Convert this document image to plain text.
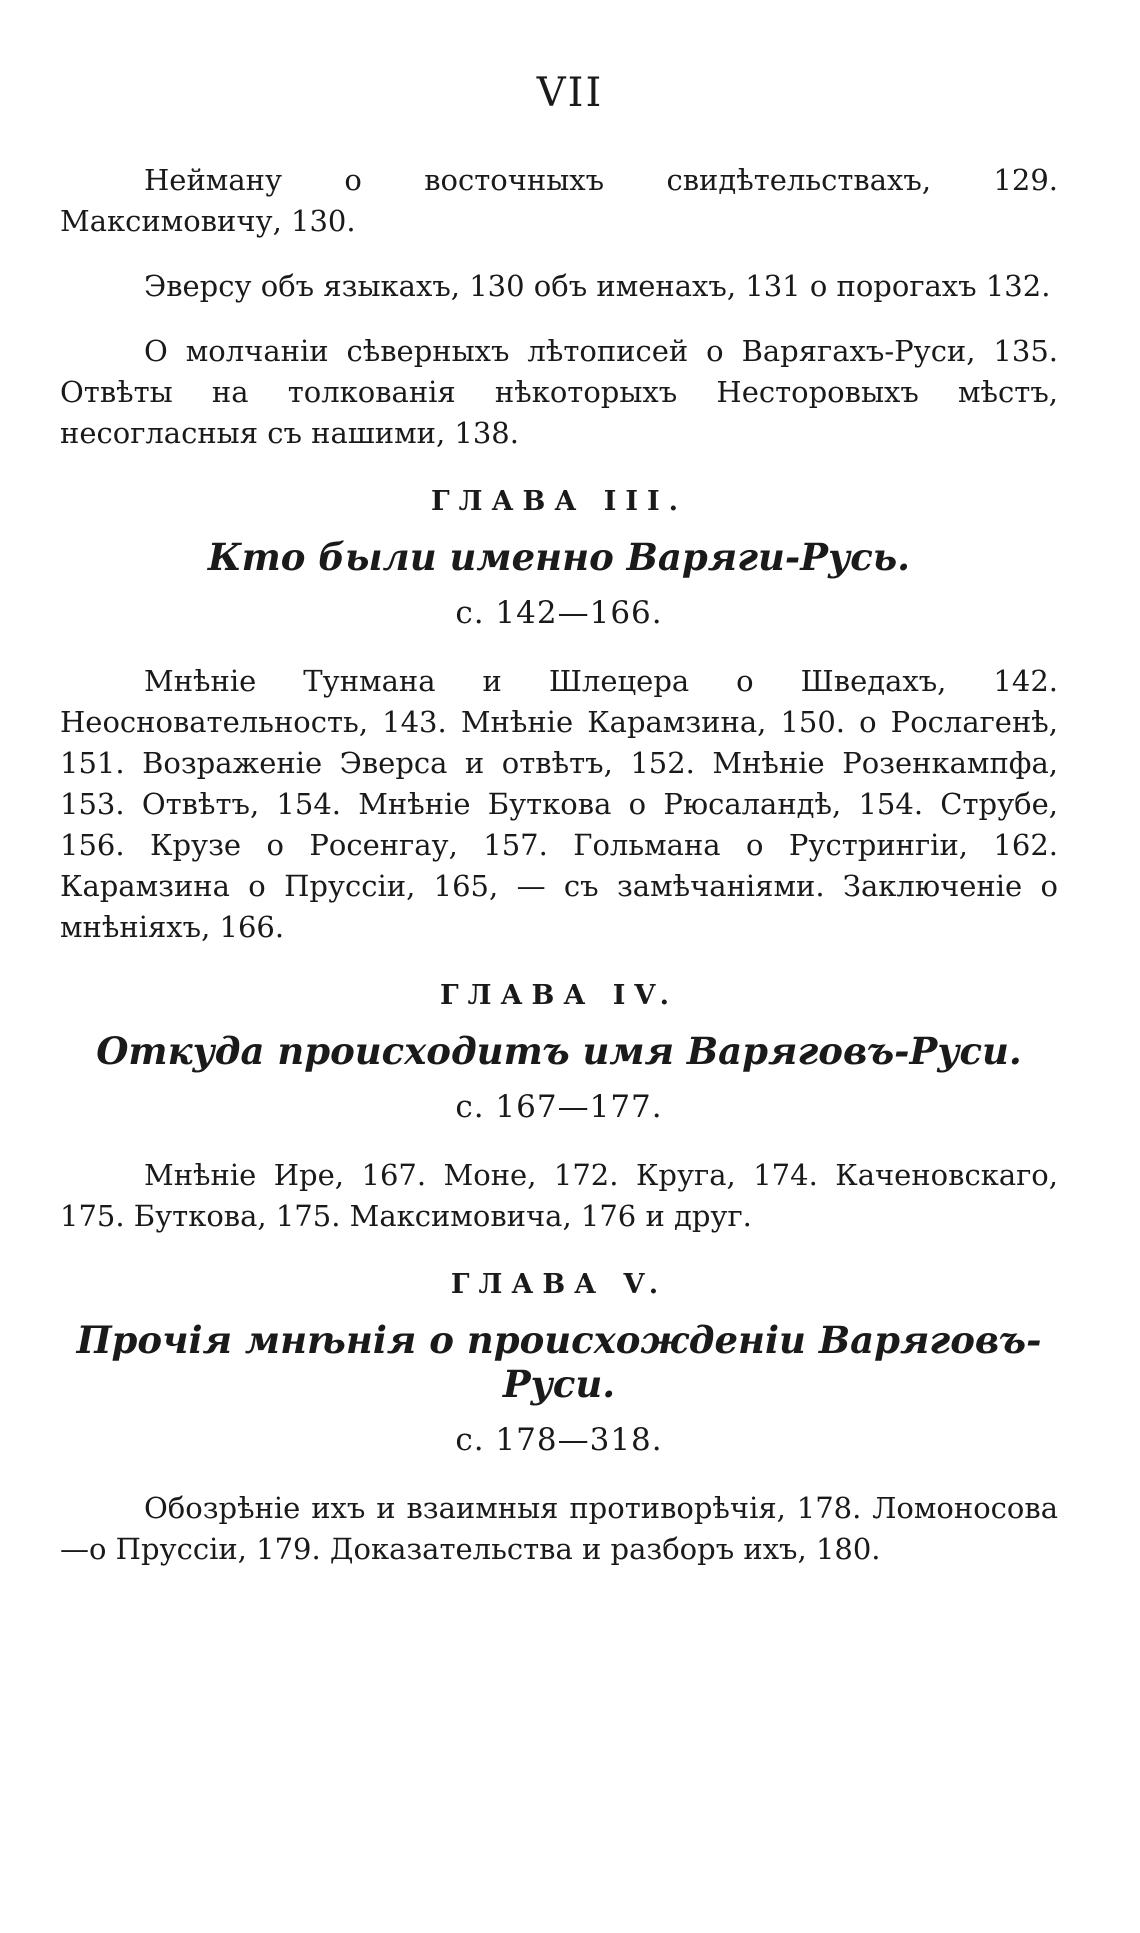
VII

Нейману о восточныхъ свидѣтельствахъ, 129. Максимовичу, 130.

Эверсу объ языкахъ, 130 объ именахъ, 131 о порогахъ 132.

О молчаніи сѣверныхъ лѣтописей о Варягахъ-Руси, 135. Отвѣты на толкованія нѣкоторыхъ Несторовыхъ мѣстъ, несогласныя съ нашими, 138.

ГЛАВА III.
Кто были именно Варяги-Русь.
с. 142—166.

Мнѣніе Тунмана и Шлецера о Шведахъ, 142. Неосновательность, 143. Мнѣніе Карамзина, 150. о Рослагенѣ, 151. Возраженіе Эверса и отвѣтъ, 152. Мнѣніе Розенкампфа, 153. Отвѣтъ, 154. Мнѣніе Буткова о Рюсаландѣ, 154. Струбе, 156. Крузе о Росенгау, 157. Гольмана о Рустрингіи, 162. Карамзина о Пруссіи, 165, — съ замѣчаніями. Заключеніе о мнѣніяхъ, 166.

ГЛАВА IV.
Откуда происходитъ имя Варяговъ-Руси.
с. 167—177.

Мнѣніе Ире, 167. Моне, 172. Круга, 174. Каченовскаго, 175. Буткова, 175. Максимовича, 176 и друг.

ГЛАВА V.
Прочія мнѣнія о происхожденіи Варяговъ-Руси.
с. 178—318.

Обозрѣніе ихъ и взаимныя противорѣчія, 178. Ломоносова—о Пруссіи, 179. Доказательства и разборъ ихъ, 180.
